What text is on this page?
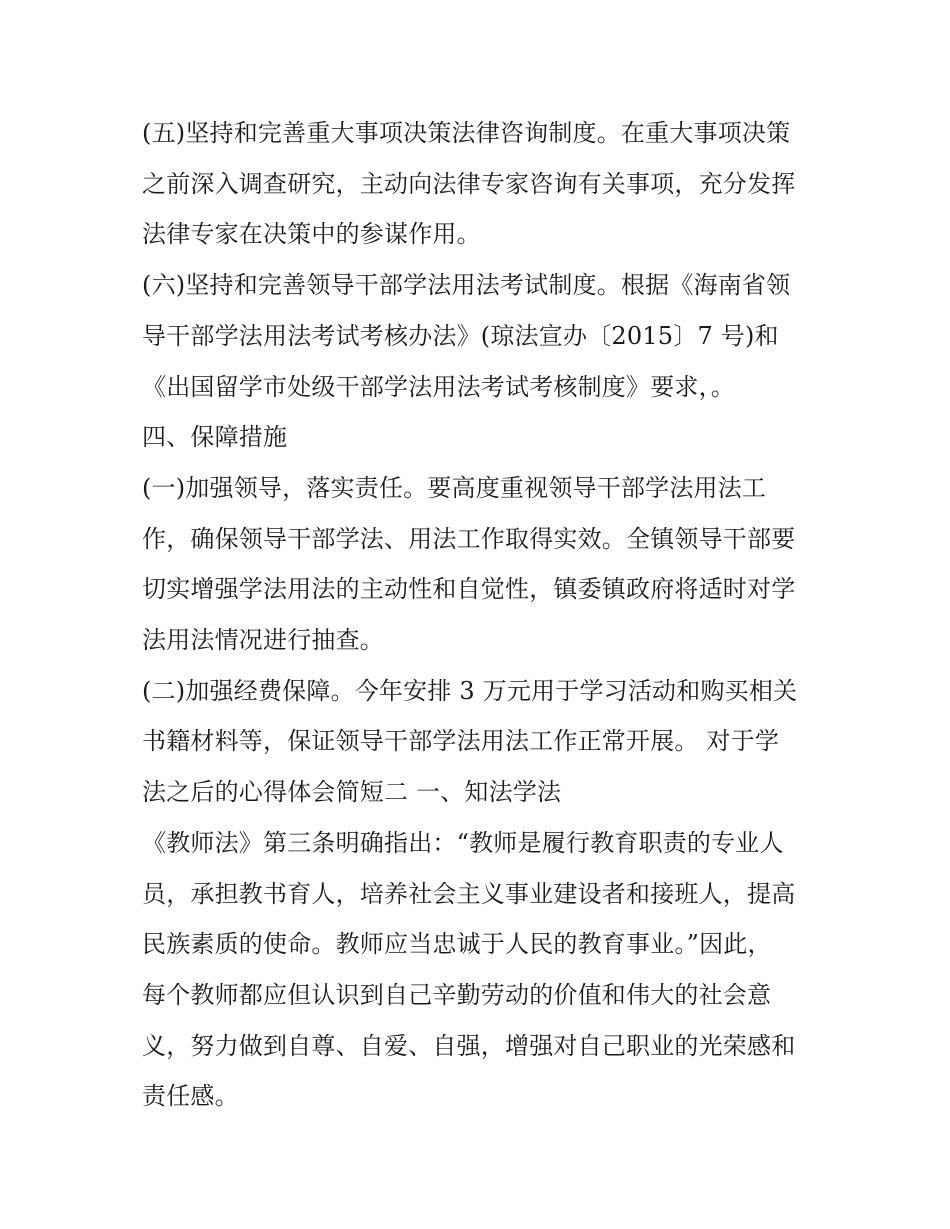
(五)坚持和完善重大事项决策法律咨询制度。在重大事项决策
之前深入调查研究，主动向法律专家咨询有关事项，充分发挥
法律专家在决策中的参谋作用。
(六)坚持和完善领导干部学法用法考试制度。根据《海南省领
导干部学法用法考试考核办法》(琼法宣办〔2015〕7 号)和
《出国留学市处级干部学法用法考试考核制度》要求，。
四、保障措施
(一)加强领导，落实责任。要高度重视领导干部学法用法工
作，确保领导干部学法、用法工作取得实效。全镇领导干部要
切实增强学法用法的主动性和自觉性，镇委镇政府将适时对学
法用法情况进行抽查。
(二)加强经费保障。今年安排 3 万元用于学习活动和购买相关
书籍材料等，保证领导干部学法用法工作正常开展。 对于学
法之后的心得体会简短二 一、知法学法
《教师法》第三条明确指出：“教师是履行教育职责的专业人
员，承担教书育人，培养社会主义事业建设者和接班人，提高
民族素质的使命。教师应当忠诚于人民的教育事业。”因此，
每个教师都应但认识到自己辛勤劳动的价值和伟大的社会意
义，努力做到自尊、自爱、自强，增强对自己职业的光荣感和
责任感。
